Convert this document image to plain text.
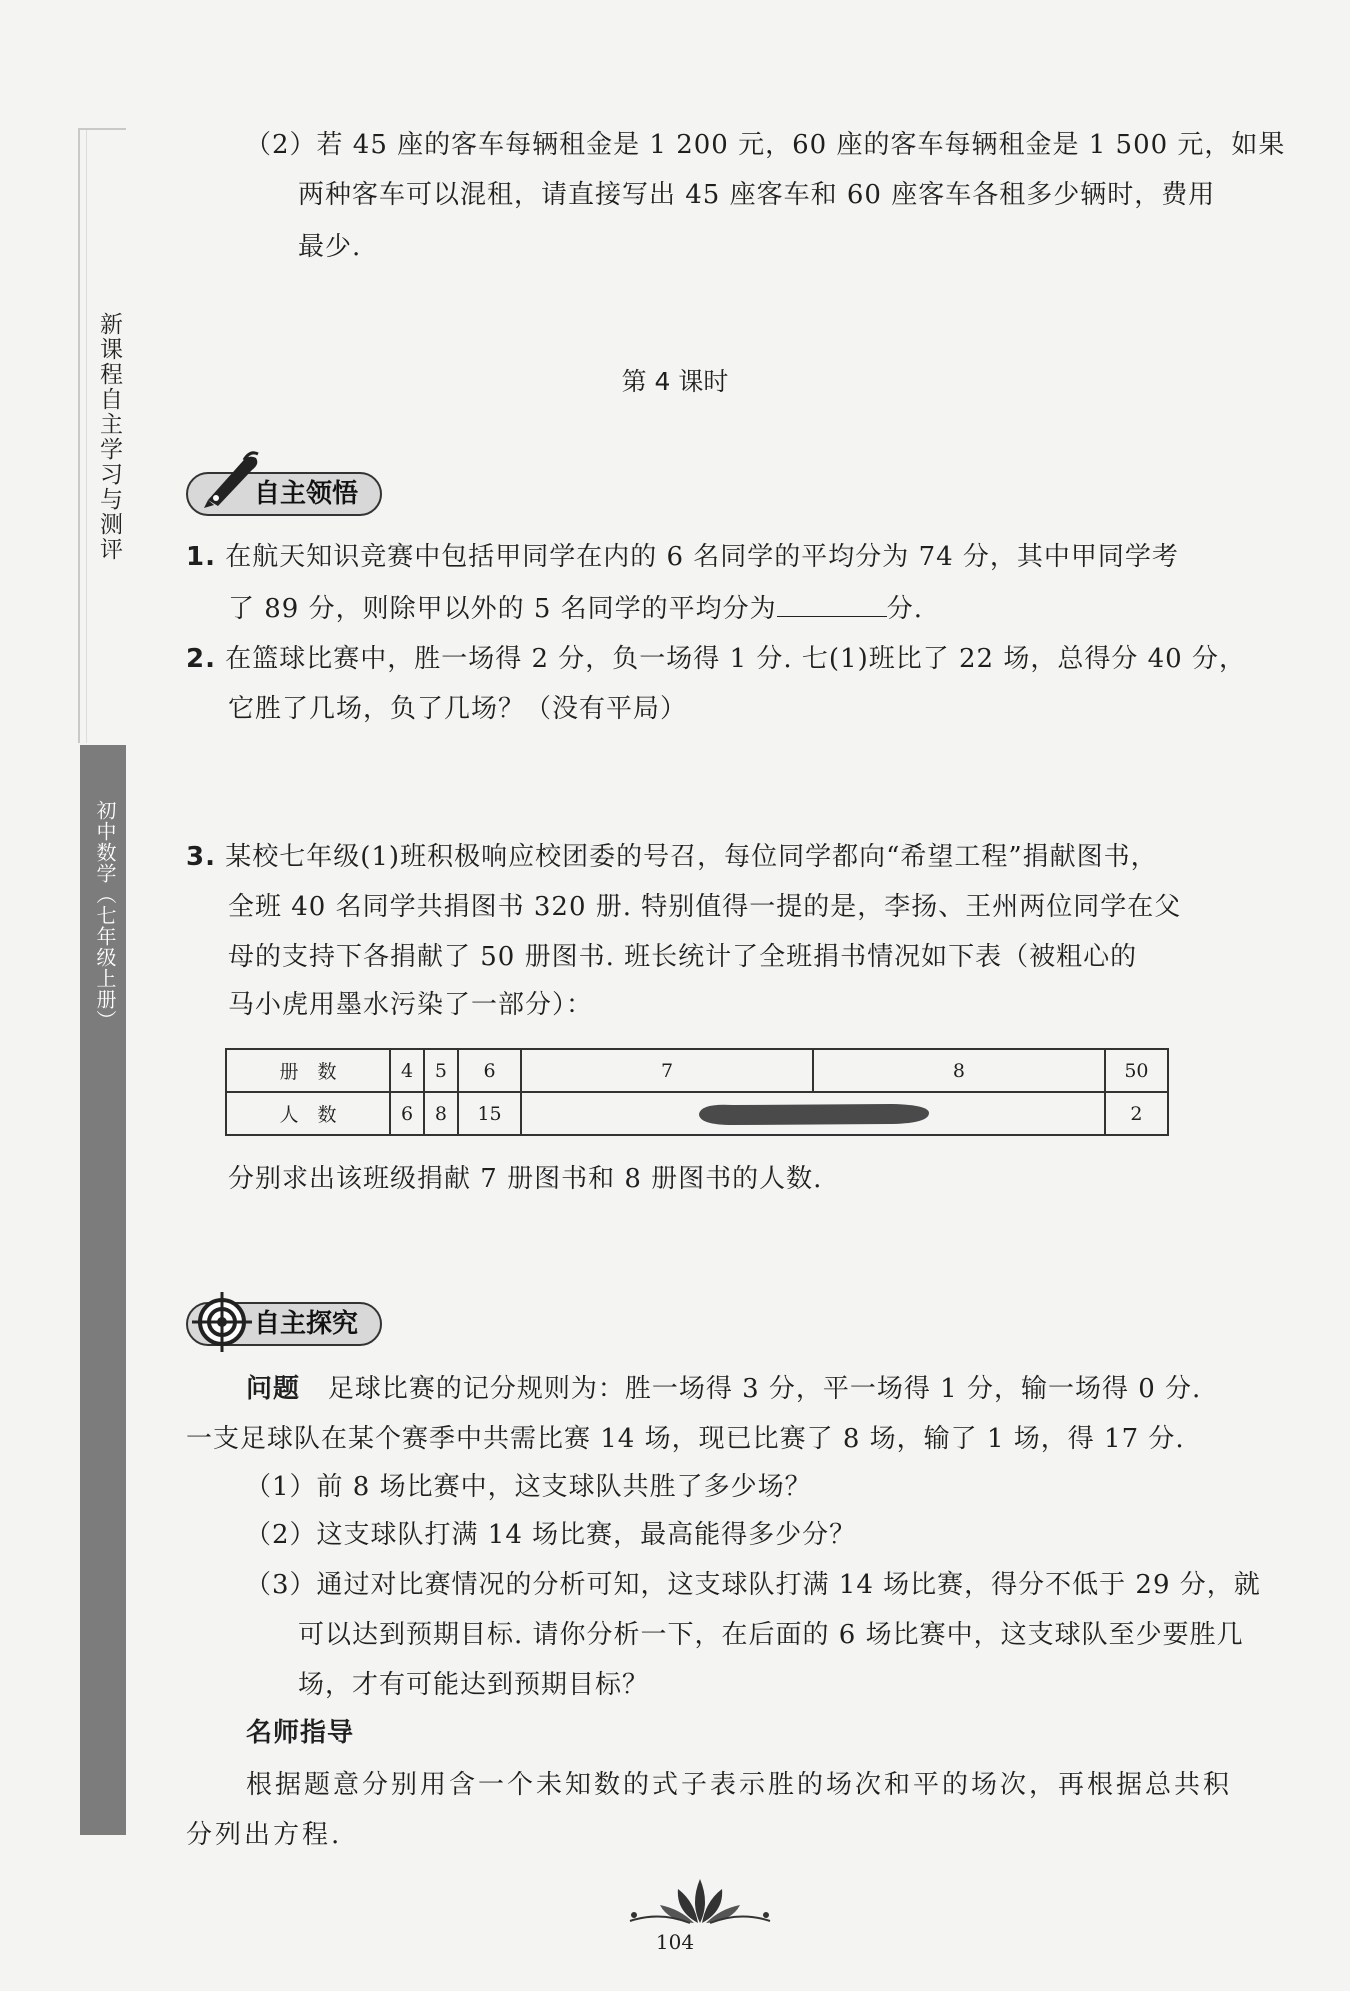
新课程自主学习与测评
初中数学（七年级上册）
（2）若 45 座的客车每辆租金是 1 200 元，60 座的客车每辆租金是 1 500 元，如果
两种客车可以混租，请直接写出 45 座客车和 60 座客车各租多少辆时，费用
最少.
第 4 课时
自主领悟
1. 在航天知识竞赛中包括甲同学在内的 6 名同学的平均分为 74 分，其中甲同学考
了 89 分，则除甲以外的 5 名同学的平均分为	分.
2. 在篮球比赛中，胜一场得 2 分，负一场得 1 分. 七(1)班比了 22 场，总得分 40 分，
它胜了几场，负了几场？（没有平局）
3. 某校七年级(1)班积极响应校团委的号召，每位同学都向“希望工程”捐献图书，
全班 40 名同学共捐图书 320 册. 特别值得一提的是，李扬、王州两位同学在父
母的支持下各捐献了 50 册图书. 班长统计了全班捐书情况如下表（被粗心的
马小虎用墨水污染了一部分）：
册　数	4	5	6	7	8	50
人　数	6	8	15			2
分别求出该班级捐献 7 册图书和 8 册图书的人数.
自主探究
问题 足球比赛的记分规则为：胜一场得 3 分，平一场得 1 分，输一场得 0 分.
一支足球队在某个赛季中共需比赛 14 场，现已比赛了 8 场，输了 1 场，得 17 分.
（1）前 8 场比赛中，这支球队共胜了多少场？
（2）这支球队打满 14 场比赛，最高能得多少分？
（3）通过对比赛情况的分析可知，这支球队打满 14 场比赛，得分不低于 29 分，就
可以达到预期目标. 请你分析一下，在后面的 6 场比赛中，这支球队至少要胜几
场，才有可能达到预期目标？
名师指导
根据题意分别用含一个未知数的式子表示胜的场次和平的场次，再根据总共积
分列出方程.
104
